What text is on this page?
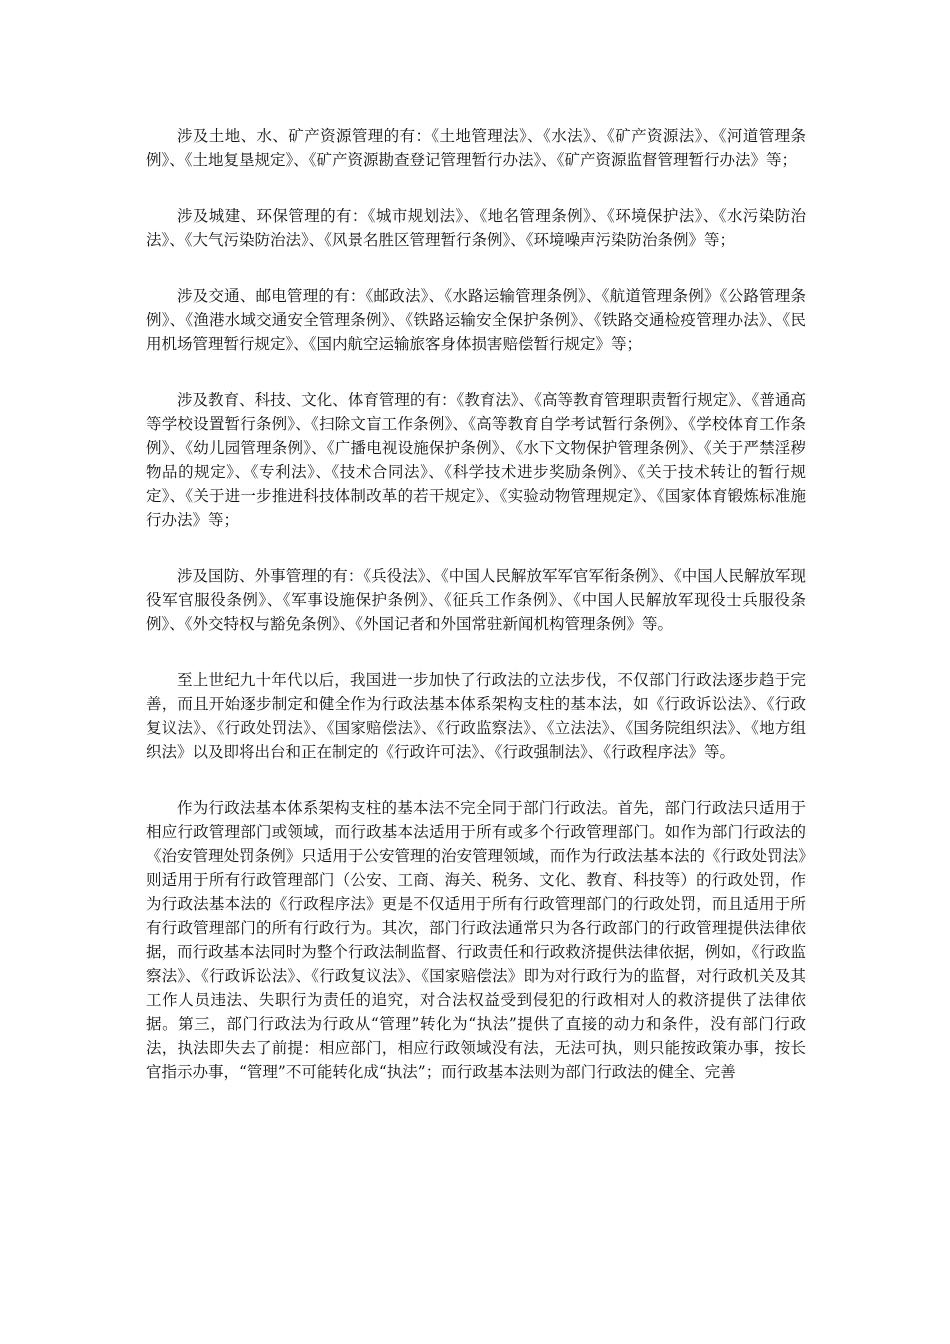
涉及土地、水、矿产资源管理的有：《土地管理法》、《水法》、《矿产资源法》、《河道管理条例》、《土地复垦规定》、《矿产资源勘查登记管理暂行办法》、《矿产资源监督管理暂行办法》等；

涉及城建、环保管理的有：《城市规划法》、《地名管理条例》、《环境保护法》、《水污染防治法》、《大气污染防治法》、《风景名胜区管理暂行条例》、《环境噪声污染防治条例》等；

涉及交通、邮电管理的有：《邮政法》、《水路运输管理条例》、《航道管理条例》《公路管理条例》、《渔港水域交通安全管理条例》、《铁路运输安全保护条例》、《铁路交通检疫管理办法》、《民用机场管理暂行规定》、《国内航空运输旅客身体损害赔偿暂行规定》等；

涉及教育、科技、文化、体育管理的有：《教育法》、《高等教育管理职责暂行规定》、《普通高等学校设置暂行条例》、《扫除文盲工作条例》、《高等教育自学考试暂行条例》、《学校体育工作条例》、《幼儿园管理条例》、《广播电视设施保护条例》、《水下文物保护管理条例》、《关于严禁淫秽物品的规定》、《专利法》、《技术合同法》、《科学技术进步奖励条例》、《关于技术转让的暂行规定》、《关于进一步推进科技体制改革的若干规定》、《实验动物管理规定》、《国家体育锻炼标准施行办法》等；

涉及国防、外事管理的有：《兵役法》、《中国人民解放军军官军衔条例》、《中国人民解放军现役军官服役条例》、《军事设施保护条例》、《征兵工作条例》、《中国人民解放军现役士兵服役条例》、《外交特权与豁免条例》、《外国记者和外国常驻新闻机构管理条例》等。

至上世纪九十年代以后，我国进一步加快了行政法的立法步伐，不仅部门行政法逐步趋于完善，而且开始逐步制定和健全作为行政法基本体系架构支柱的基本法，如《行政诉讼法》、《行政复议法》、《行政处罚法》、《国家赔偿法》、《行政监察法》、《立法法》、《国务院组织法》、《地方组织法》以及即将出台和正在制定的《行政许可法》、《行政强制法》、《行政程序法》等。

作为行政法基本体系架构支柱的基本法不完全同于部门行政法。首先，部门行政法只适用于相应行政管理部门或领域，而行政基本法适用于所有或多个行政管理部门。如作为部门行政法的《治安管理处罚条例》只适用于公安管理的治安管理领域，而作为行政法基本法的《行政处罚法》则适用于所有行政管理部门（公安、工商、海关、税务、文化、教育、科技等）的行政处罚，作为行政法基本法的《行政程序法》更是不仅适用于所有行政管理部门的行政处罚，而且适用于所有行政管理部门的所有行政行为。其次，部门行政法通常只为各行政部门的行政管理提供法律依据，而行政基本法同时为整个行政法制监督、行政责任和行政救济提供法律依据，例如，《行政监察法》、《行政诉讼法》、《行政复议法》、《国家赔偿法》即为对行政行为的监督，对行政机关及其工作人员违法、失职行为责任的追究，对合法权益受到侵犯的行政相对人的救济提供了法律依据。第三，部门行政法为行政从“管理”转化为“执法”提供了直接的动力和条件，没有部门行政法，执法即失去了前提：相应部门，相应行政领域没有法，无法可执，则只能按政策办事，按长官指示办事，“管理”不可能转化成“执法”；而行政基本法则为部门行政法的健全、完善
